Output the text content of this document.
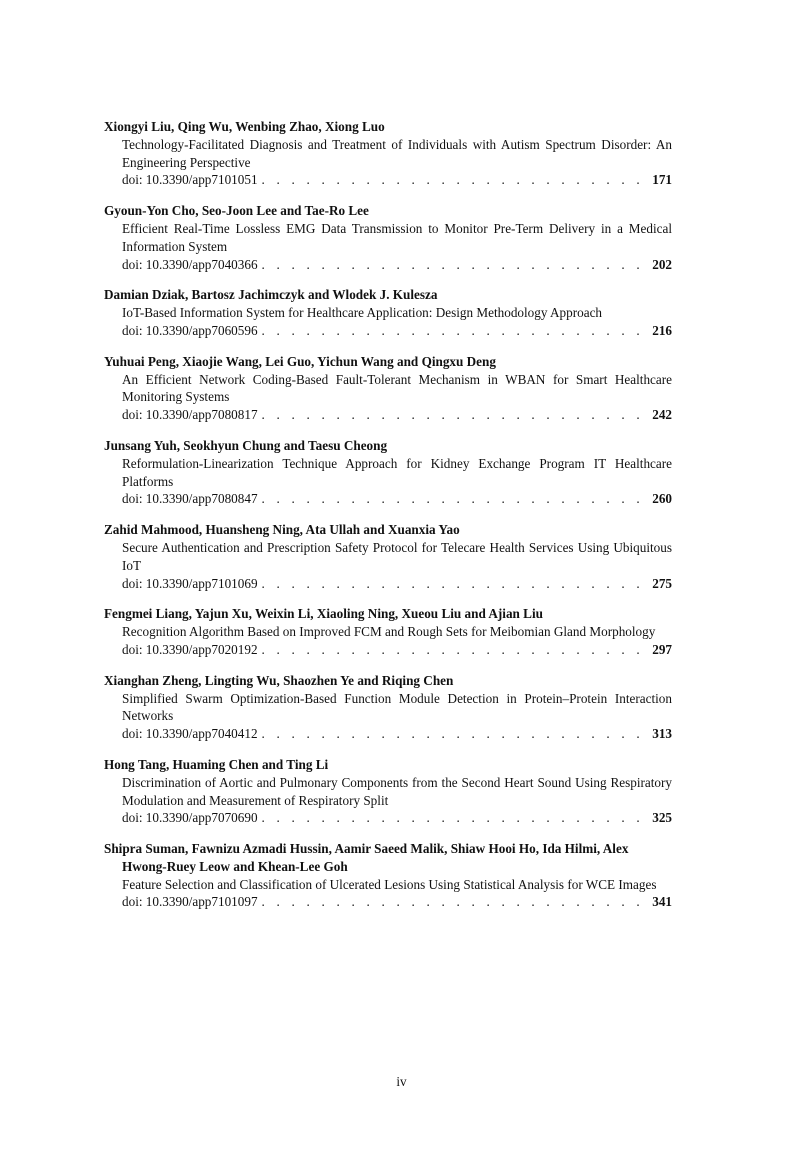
Xiongyi Liu, Qing Wu, Wenbing Zhao, Xiong Luo
Technology-Facilitated Diagnosis and Treatment of Individuals with Autism Spectrum Disorder: An Engineering Perspective
doi: 10.3390/app7101051 . . .	171
Gyoun-Yon Cho, Seo-Joon Lee and Tae-Ro Lee
Efficient Real-Time Lossless EMG Data Transmission to Monitor Pre-Term Delivery in a Medical Information System
doi: 10.3390/app7040366 . . .	202
Damian Dziak, Bartosz Jachimczyk and Wlodek J. Kulesza
IoT-Based Information System for Healthcare Application: Design Methodology Approach
doi: 10.3390/app7060596 . . .	216
Yuhuai Peng, Xiaojie Wang, Lei Guo, Yichun Wang and Qingxu Deng
An Efficient Network Coding-Based Fault-Tolerant Mechanism in WBAN for Smart Healthcare Monitoring Systems
doi: 10.3390/app7080817 . . .	242
Junsang Yuh, Seokhyun Chung and Taesu Cheong
Reformulation-Linearization Technique Approach for Kidney Exchange Program IT Healthcare Platforms
doi: 10.3390/app7080847 . . .	260
Zahid Mahmood, Huansheng Ning, Ata Ullah and Xuanxia Yao
Secure Authentication and Prescription Safety Protocol for Telecare Health Services Using Ubiquitous IoT
doi: 10.3390/app7101069 . . .	275
Fengmei Liang, Yajun Xu, Weixin Li, Xiaoling Ning, Xueou Liu and Ajian Liu
Recognition Algorithm Based on Improved FCM and Rough Sets for Meibomian Gland Morphology
doi: 10.3390/app7020192 . . .	297
Xianghan Zheng, Lingting Wu, Shaozhen Ye and Riqing Chen
Simplified Swarm Optimization-Based Function Module Detection in Protein–Protein Interaction Networks
doi: 10.3390/app7040412 . . .	313
Hong Tang, Huaming Chen and Ting Li
Discrimination of Aortic and Pulmonary Components from the Second Heart Sound Using Respiratory Modulation and Measurement of Respiratory Split
doi: 10.3390/app7070690 . . .	325
Shipra Suman, Fawnizu Azmadi Hussin, Aamir Saeed Malik, Shiaw Hooi Ho, Ida Hilmi, Alex Hwong-Ruey Leow and Khean-Lee Goh
Feature Selection and Classification of Ulcerated Lesions Using Statistical Analysis for WCE Images
doi: 10.3390/app7101097 . . .	341
iv
